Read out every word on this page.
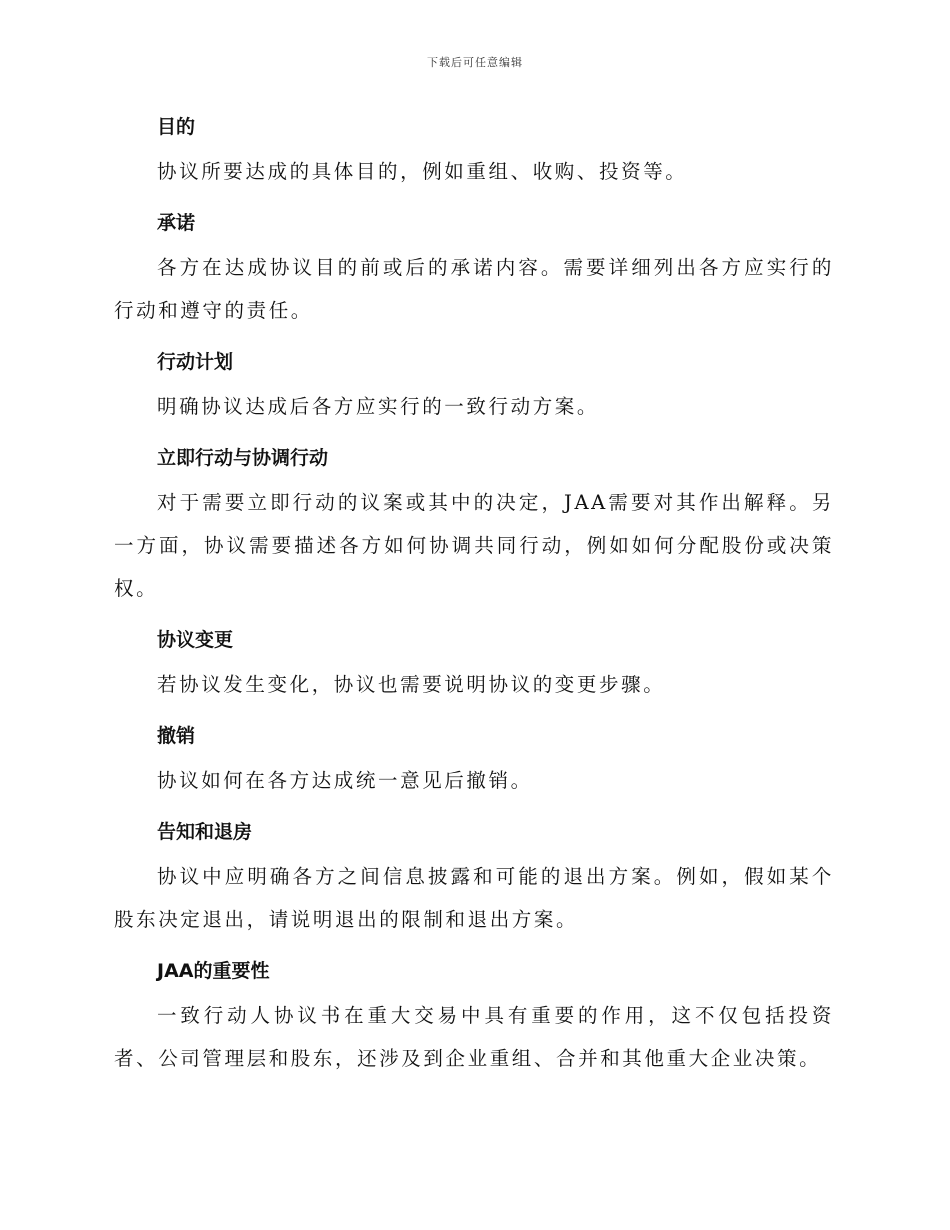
下载后可任意编辑
目的
协议所要达成的具体目的，例如重组、收购、投资等。
承诺
各方在达成协议目的前或后的承诺内容。需要详细列出各方应实行的行动和遵守的责任。
行动计划
明确协议达成后各方应实行的一致行动方案。
立即行动与协调行动
对于需要立即行动的议案或其中的决定，JAA需要对其作出解释。另一方面，协议需要描述各方如何协调共同行动，例如如何分配股份或决策权。
协议变更
若协议发生变化，协议也需要说明协议的变更步骤。
撤销
协议如何在各方达成统一意见后撤销。
告知和退房
协议中应明确各方之间信息披露和可能的退出方案。例如，假如某个股东决定退出，请说明退出的限制和退出方案。
JAA的重要性
一致行动人协议书在重大交易中具有重要的作用，这不仅包括投资者、公司管理层和股东，还涉及到企业重组、合并和其他重大企业决策。
